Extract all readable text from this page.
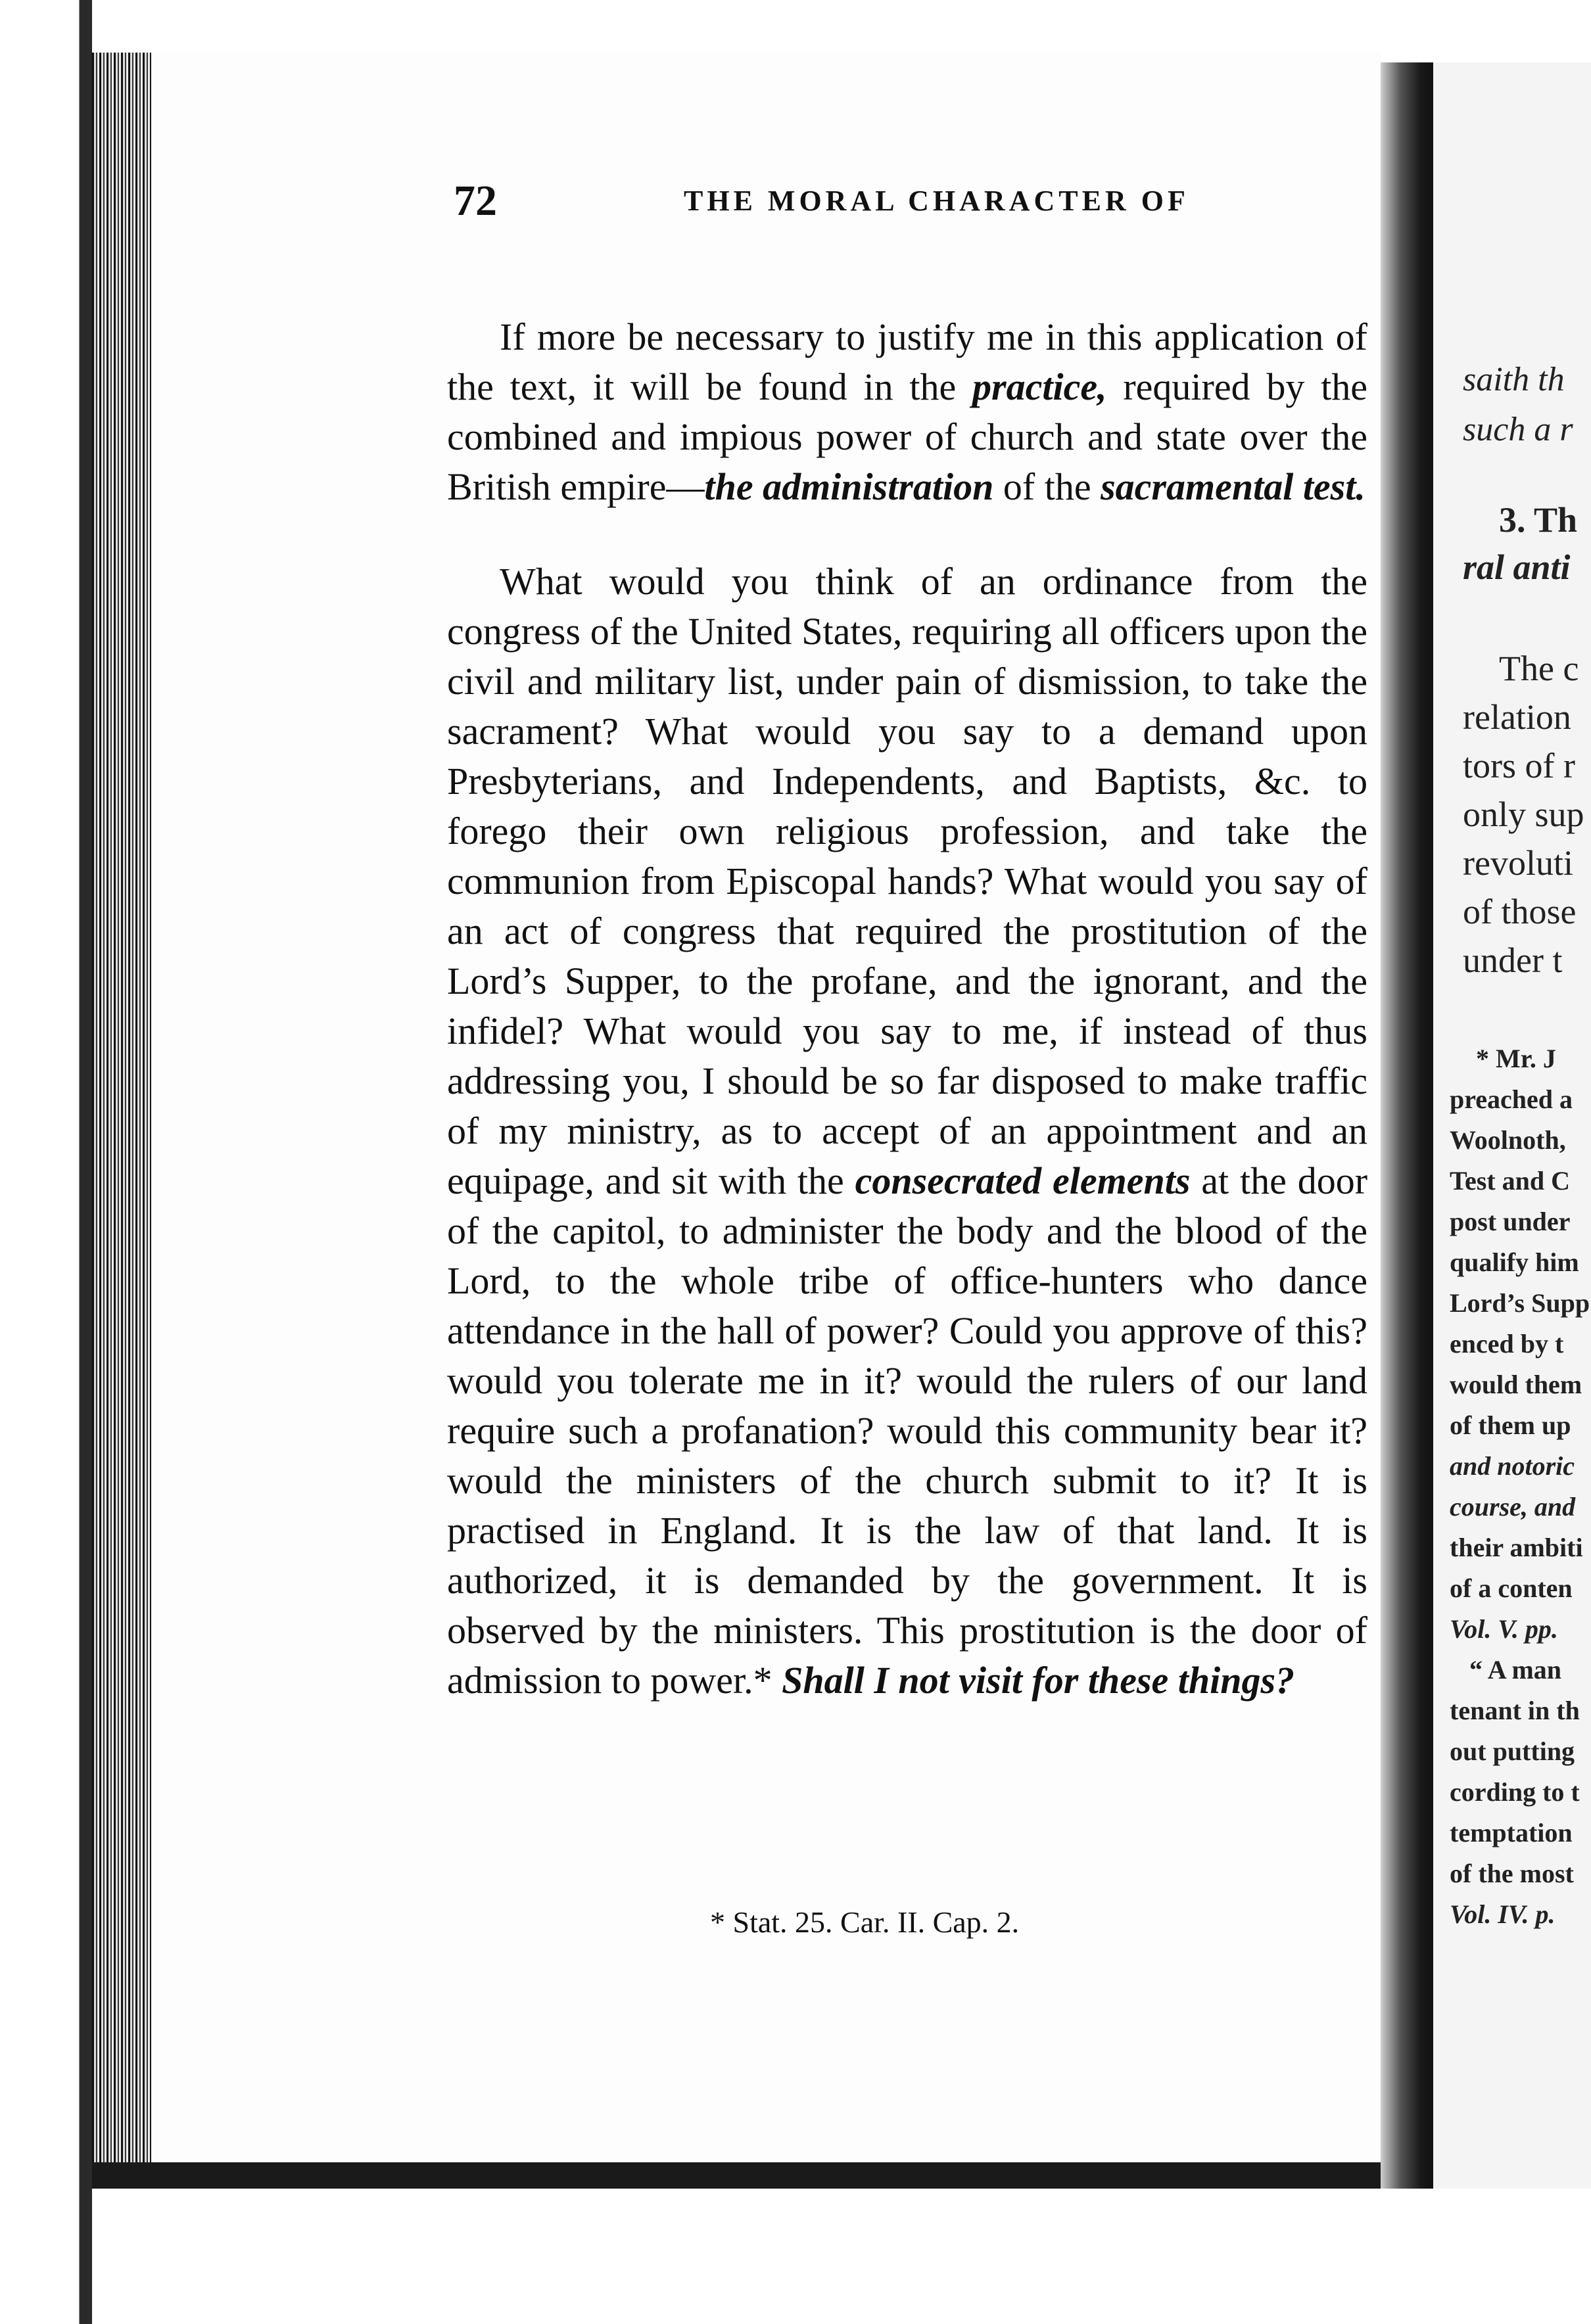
72	THE MORAL CHARACTER OF

If more be necessary to justify me in this application of the text, it will be found in the practice, required by the combined and impious power of church and state over the British empire—the administration of the sacramental test.

What would you think of an ordinance from the congress of the United States, requiring all officers upon the civil and military list, under pain of dismission, to take the sacrament? What would you say to a demand upon Presbyterians, and Independents, and Baptists, &c. to forego their own religious profession, and take the communion from Episcopal hands? What would you say of an act of congress that required the prostitution of the Lord’s Supper, to the profane, and the ignorant, and the infidel? What would you say to me, if instead of thus addressing you, I should be so far disposed to make traffic of my ministry, as to accept of an appointment and an equipage, and sit with the consecrated elements at the door of the capitol, to administer the body and the blood of the Lord, to the whole tribe of office-hunters who dance attendance in the hall of power? Could you approve of this? would you tolerate me in it? would the rulers of our land require such a profanation? would this community bear it? would the ministers of the church submit to it? It is practised in England. It is the law of that land. It is authorized, it is demanded by the government. It is observed by the ministers. This prostitution is the door of admission to power.* Shall I not visit for these things?

* Stat. 25. Car. II. Cap. 2.
saith th
such a r
3. Th
ral anti
The c
relation
tors of r
only sup
revoluti
of those
under t
* Mr. J
preached a
Woolnoth,
Test and C
post under
qualify him
Lord’s Supp
enced by t
would them
of them up
and notoric
course, and
their ambiti
of a conten
Vol. V. pp.
“ A man
tenant in th
out putting
cording to t
temptation
of the most
Vol. IV. p.
